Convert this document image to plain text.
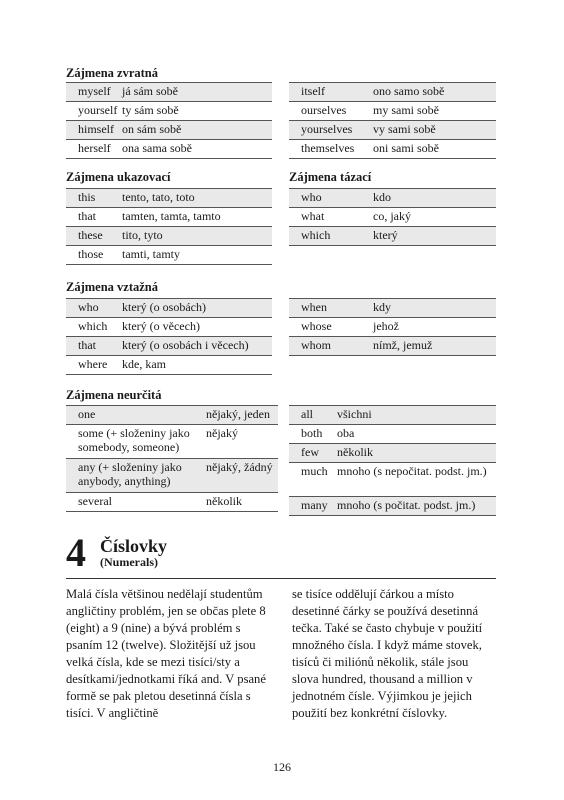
Zájmena zvratná
myself	já sám sobě
yourself	ty sám sobě
himself	on sám sobě
herself	ona sama sobě
itself	ono samo sobě
ourselves	my sami sobě
yourselves	vy sami sobě
themselves	oni sami sobě
Zájmena ukazovací	Zájmena tázací
this	tento, tato, toto
that	tamten, tamta, tamto
these	tito, tyto
those	tamti, tamty
who	kdo
what	co, jaký
which	který
Zájmena vztažná
who	který (o osobách)
which	který (o věcech)
that	který (o osobách i věcech)
where	kde, kam
when	kdy
whose	jehož
whom	nímž, jemuž
Zájmena neurčitá
one	nějaký, jeden
some (+ složeniny jako somebody, someone)	nějaký
any (+ složeniny jako anybody, anything)	nějaký, žádný
several	několik
all	všichni
both	oba
few	několik
much	mnoho (s nepočitat. podst. jm.)
many	mnoho (s počitat. podst. jm.)
4 Číslovky
(Numerals)
Malá čísla většinou nedělají studentům angličtiny problém, jen se občas plete 8 (eight) a 9 (nine) a bývá problém s psaním 12 (twelve). Složitější už jsou velká čísla, kde se mezi tisíci/sty a desítkami/jednotkami říká and. V psané formě se pak pletou desetinná čísla s tisíci. V angličtině
se tisíce oddělují čárkou a místo desetinné čárky se používá desetinná tečka. Také se často chybuje v použití množného čísla. I když máme stovek, tisíců či miliónů několik, stále jsou slova hundred, thousand a million v jednotném čísle. Výjimkou je jejich použití bez konkrétní číslovky.
126
